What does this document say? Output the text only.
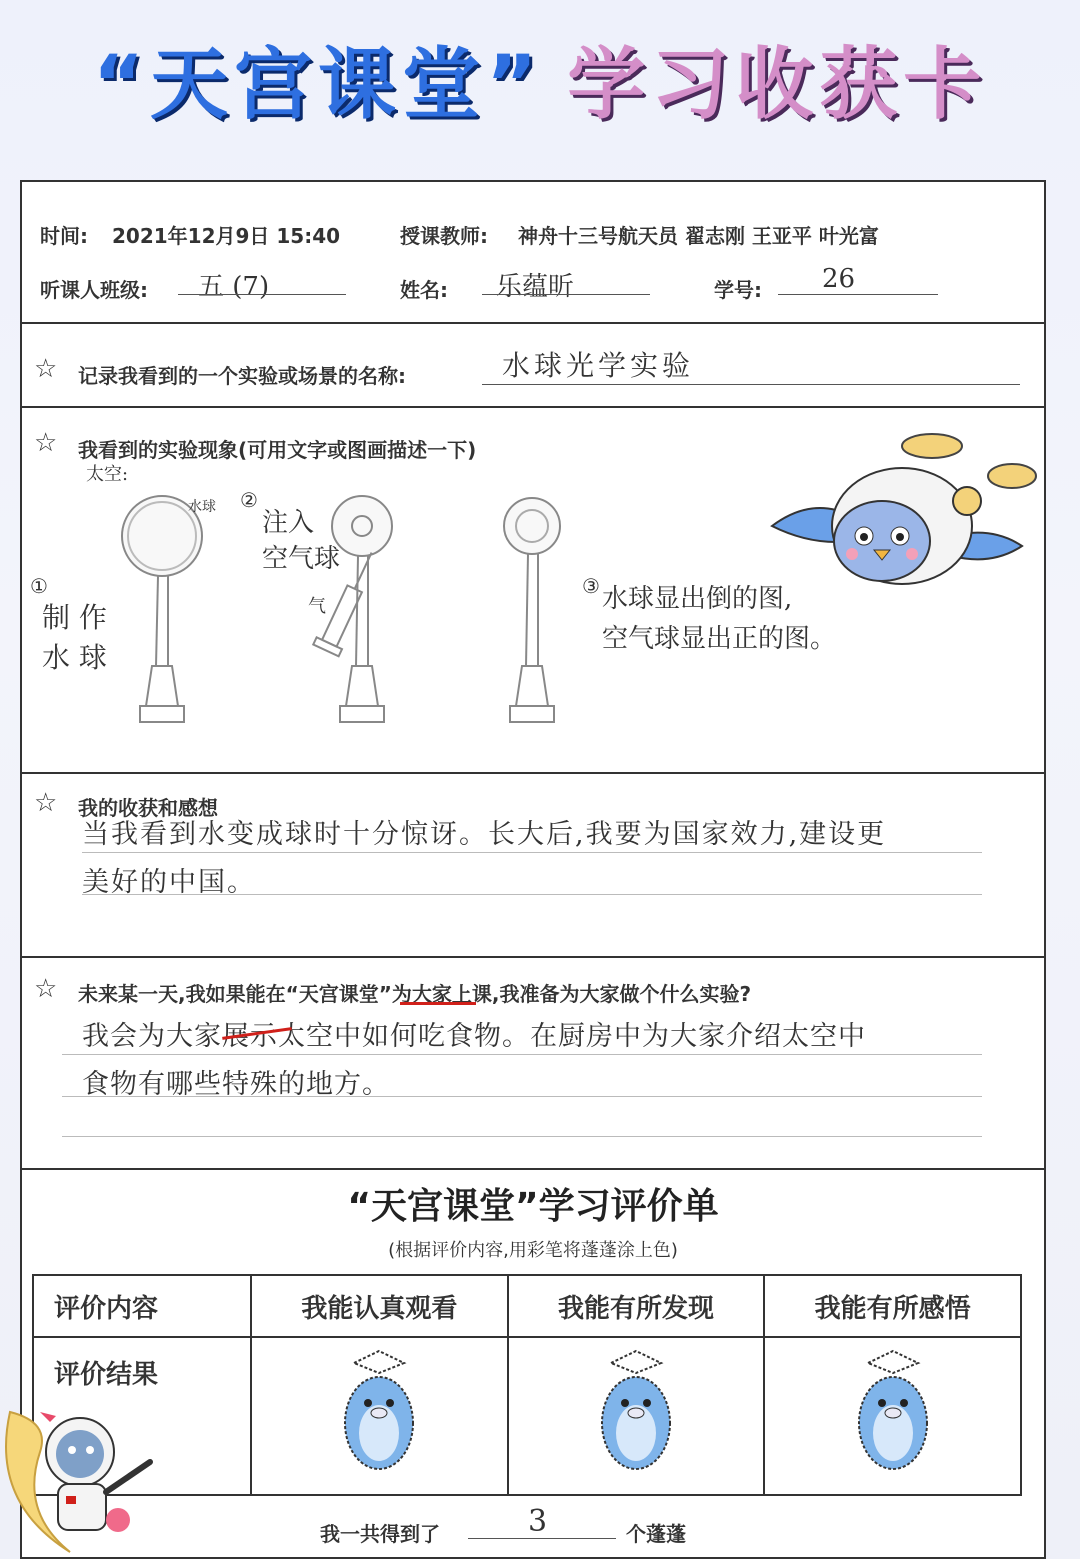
“天宫课堂” 学习收获卡
时间: 2021年12月9日 15:40	授课教师: 神舟十三号航天员 翟志刚 王亚平 叶光富
听课人班级: 五 (7)	姓名: 乐蕴昕	学号: 26
☆ 记录我看到的一个实验或场景的名称:	水球光学实验
☆ 我看到的实验现象(可用文字或图画描述一下)
太空:
水球
①
制 作
水 球
②
注入
空气球
气
③ 水球显出倒的图,
空气球显出正的图。
☆ 我的收获和感想
当我看到水变成球时十分惊讶。长大后,我要为国家效力,建设更
美好的中国。
☆ 未来某一天,我如果能在“天宫课堂”为大家上课,我准备为大家做个什么实验?
我会为大家展示太空中如何吃食物。在厨房中为大家介绍太空中
食物有哪些特殊的地方。
“天宫课堂”学习评价单
(根据评价内容,用彩笔将蓬蓬涂上色)
评价内容	我能认真观看	我能有所发现	我能有所感悟
评价结果			
我一共得到了	3	个蓬蓬
